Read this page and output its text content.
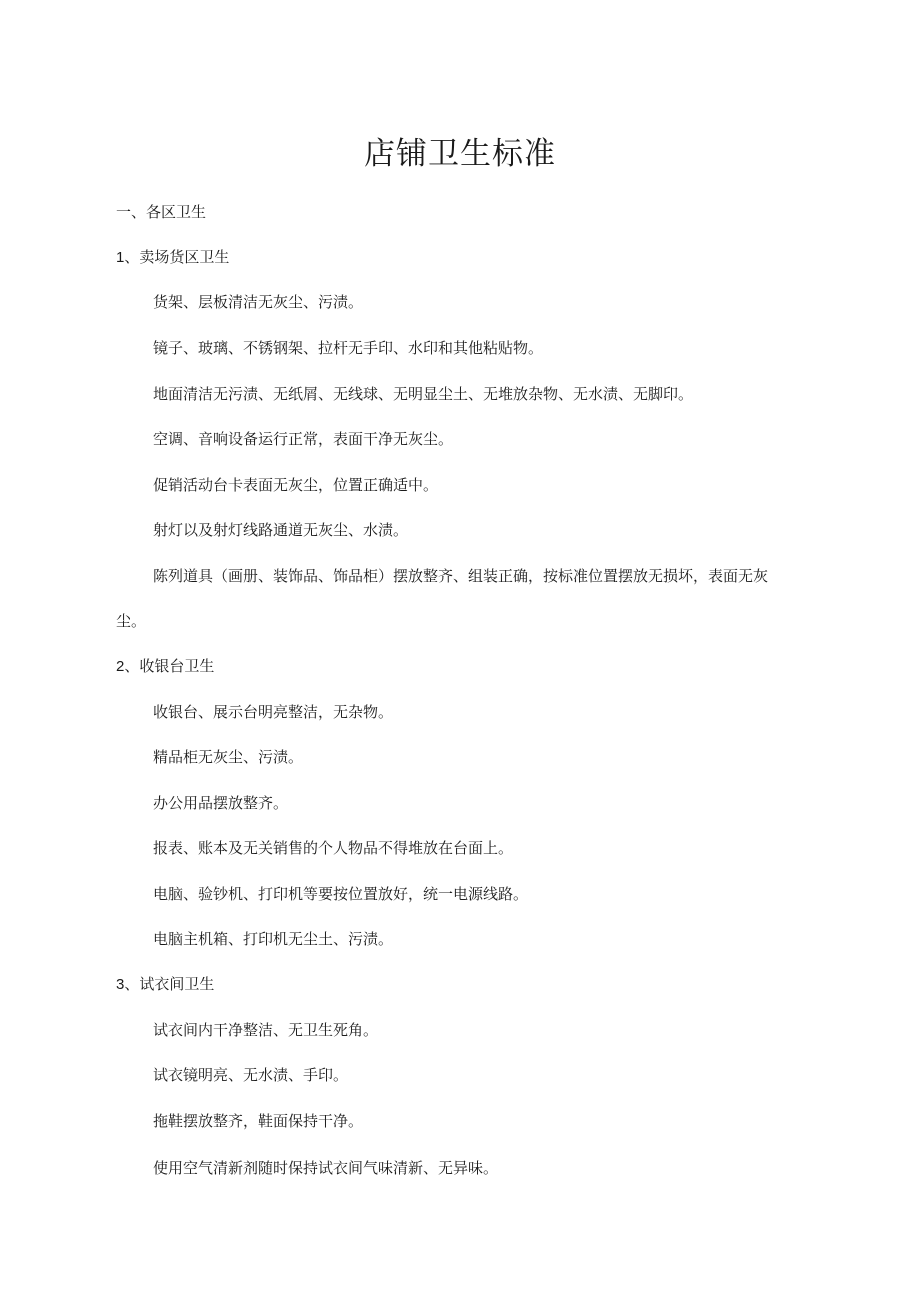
店铺卫生标准

一、各区卫生

1、卖场货区卫生

货架、层板清洁无灰尘、污渍。

镜子、玻璃、不锈钢架、拉杆无手印、水印和其他粘贴物。

地面清洁无污渍、无纸屑、无线球、无明显尘土、无堆放杂物、无水渍、无脚印。

空调、音响设备运行正常，表面干净无灰尘。

促销活动台卡表面无灰尘，位置正确适中。

射灯以及射灯线路通道无灰尘、水渍。

陈列道具（画册、装饰品、饰品柜）摆放整齐、组装正确，按标准位置摆放无损坏，表面无灰

尘。

2、收银台卫生

收银台、展示台明亮整洁，无杂物。

精品柜无灰尘、污渍。

办公用品摆放整齐。

报表、账本及无关销售的个人物品不得堆放在台面上。

电脑、验钞机、打印机等要按位置放好，统一电源线路。

电脑主机箱、打印机无尘土、污渍。

3、试衣间卫生

试衣间内干净整洁、无卫生死角。

试衣镜明亮、无水渍、手印。

拖鞋摆放整齐，鞋面保持干净。

使用空气清新剂随时保持试衣间气味清新、无异味。
